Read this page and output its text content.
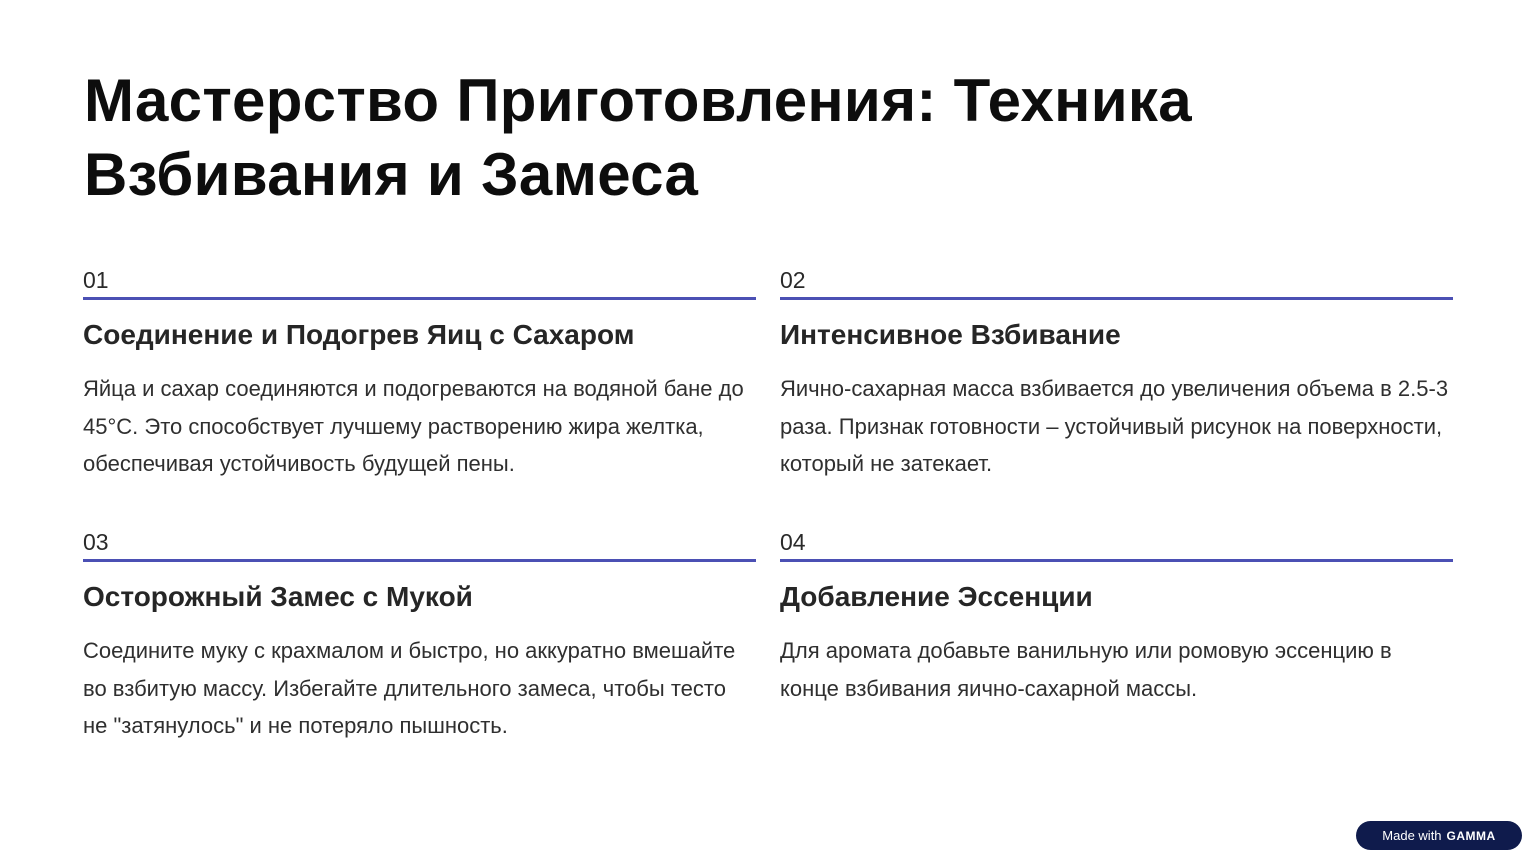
Мастерство Приготовления: Техника Взбивания и Замеса
01
Соединение и Подогрев Яиц с Сахаром

Яйца и сахар соединяются и подогреваются на водяной бане до 45°C. Это способствует лучшему растворению жира желтка, обеспечивая устойчивость будущей пены.

02
Интенсивное Взбивание

Яично-сахарная масса взбивается до увеличения объема в 2.5-3 раза. Признак готовности – устойчивый рисунок на поверхности, который не затекает.

03
Осторожный Замес с Мукой

Соедините муку с крахмалом и быстро, но аккуратно вмешайте во взбитую массу. Избегайте длительного замеса, чтобы тесто не "затянулось" и не потеряло пышность.

04
Добавление Эссенции

Для аромата добавьте ванильную или ромовую эссенцию в конце взбивания яично-сахарной массы.

Made with GAMMA
